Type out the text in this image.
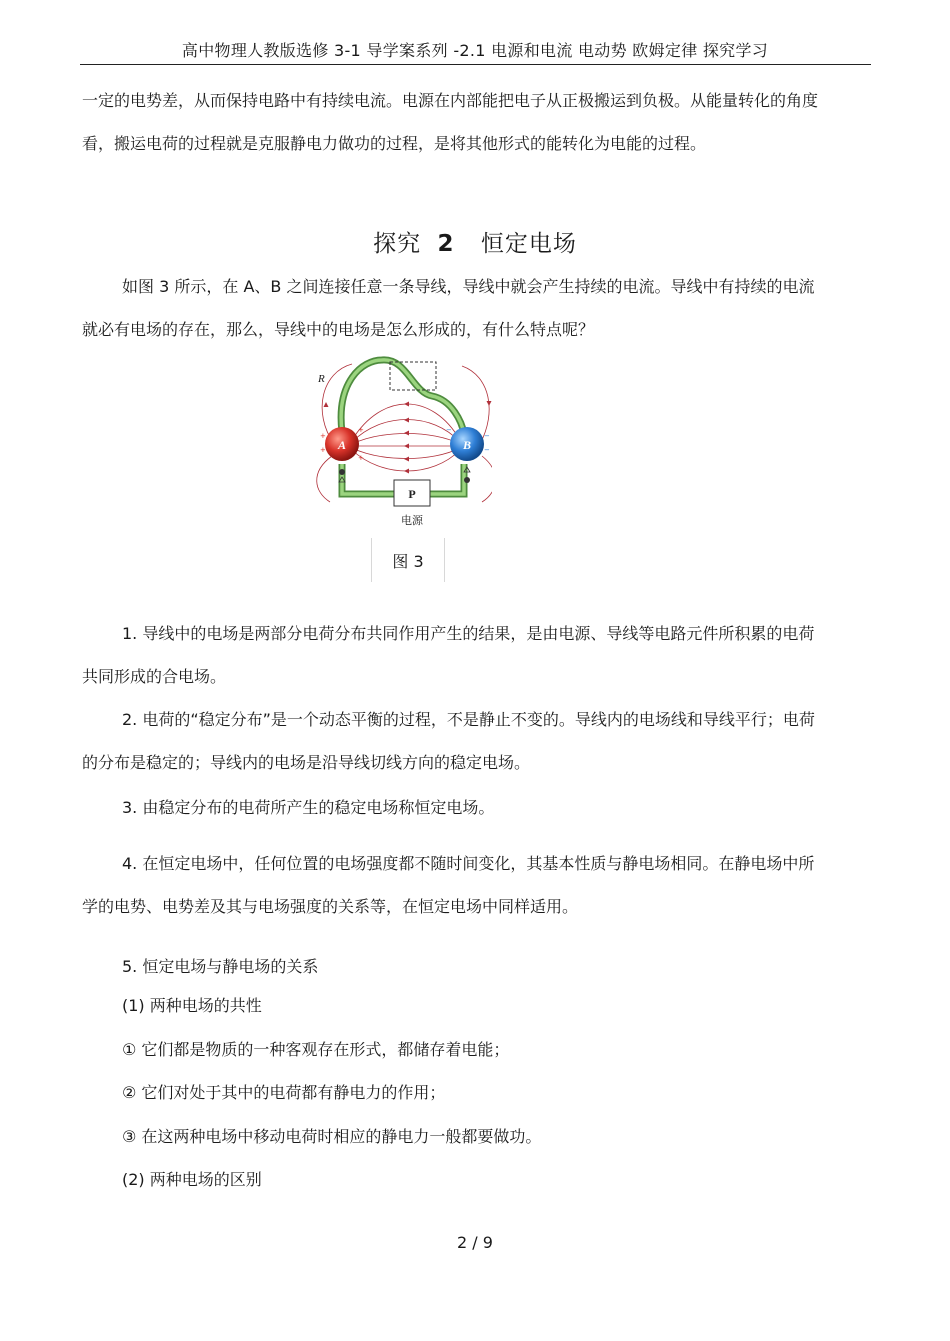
高中物理人教版选修 3-1 导学案系列 -2.1 电源和电流 电动势 欧姆定律 探究学习

一定的电势差，从而保持电路中有持续电流。电源在内部能把电子从正极搬运到负极。从能量转化的角度看，搬运电荷的过程就是克服静电力做功的过程，是将其他形式的能转化为电能的过程。

探究 2 恒定电场

如图 3 所示，在 A、B 之间连接任意一条导线，导线中就会产生持续的电流。导线中有持续的电流就必有电场的存在，那么，导线中的电场是怎么形成的，有什么特点呢？

R
P
电源
A
+
+
+
+
B
−
−
−
图 3

1. 导线中的电场是两部分电荷分布共同作用产生的结果，是由电源、导线等电路元件所积累的电荷共同形成的合电场。

2. 电荷的“稳定分布”是一个动态平衡的过程，不是静止不变的。导线内的电场线和导线平行；电荷的分布是稳定的；导线内的电场是沿导线切线方向的稳定电场。

3. 由稳定分布的电荷所产生的稳定电场称恒定电场。

4. 在恒定电场中，任何位置的电场强度都不随时间变化，其基本性质与静电场相同。在静电场中所学的电势、电势差及其与电场强度的关系等，在恒定电场中同样适用。

5. 恒定电场与静电场的关系
(1) 两种电场的共性
① 它们都是物质的一种客观存在形式，都储存着电能；
② 它们对处于其中的电荷都有静电力的作用；
③ 在这两种电场中移动电荷时相应的静电力一般都要做功。
(2) 两种电场的区别
2 / 9
